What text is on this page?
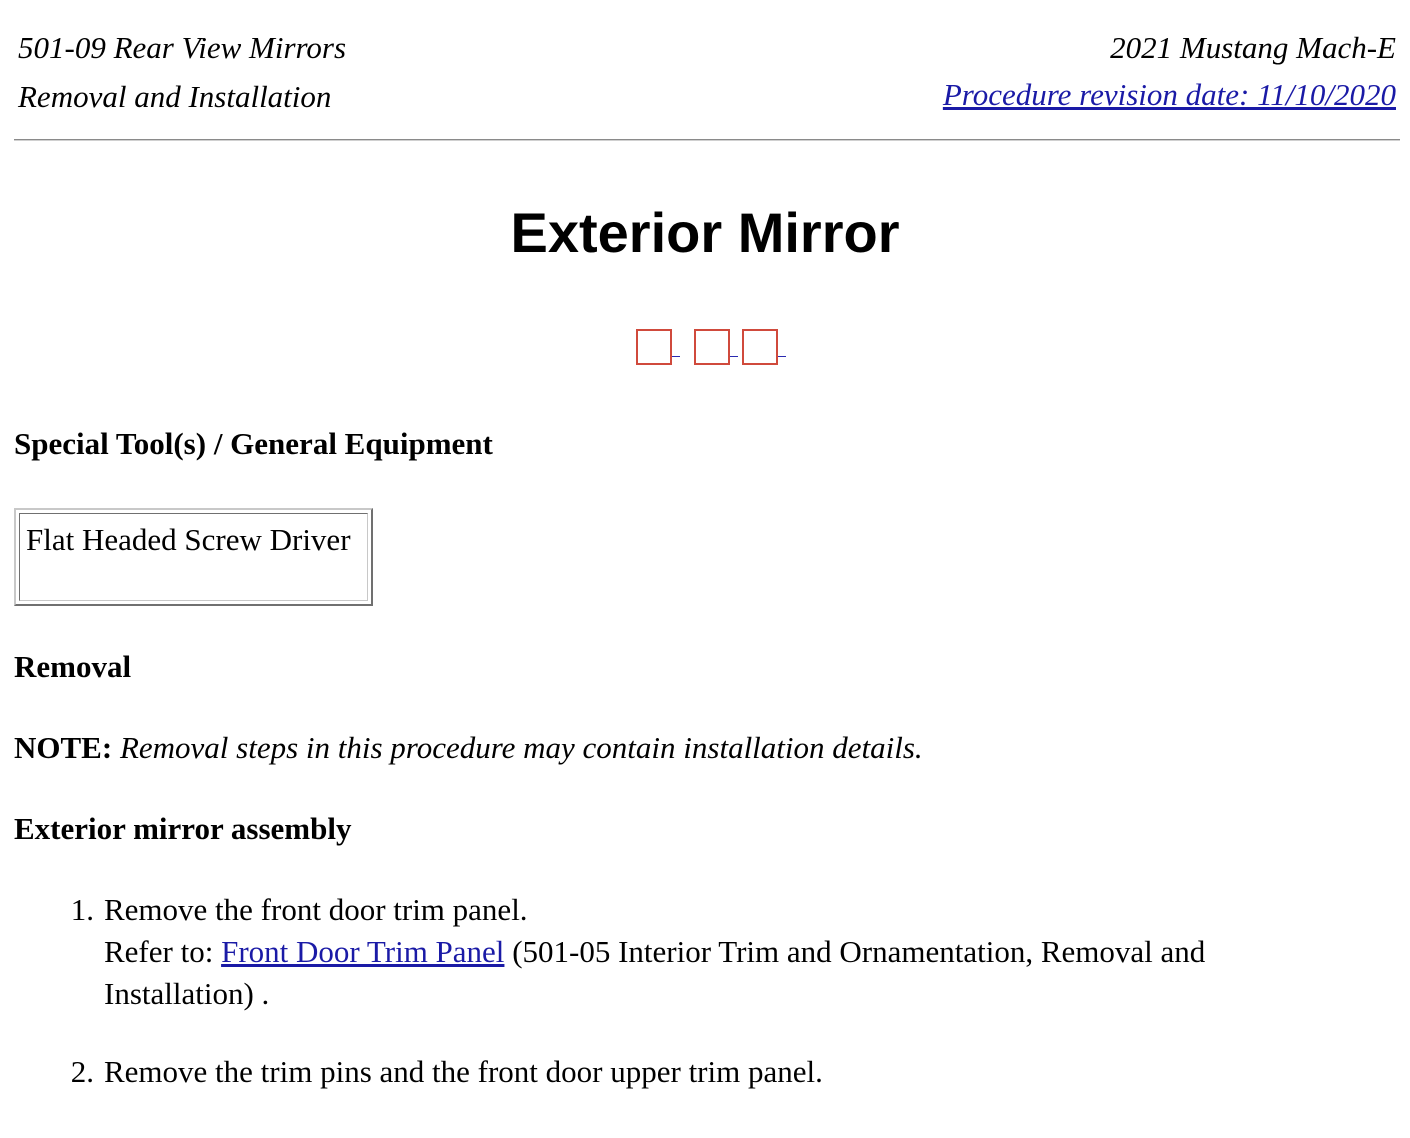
501-09 Rear View Mirrors
Removal and Installation
2021 Mustang Mach-E
Procedure revision date: 11/10/2020
Exterior Mirror
Special Tool(s) / General Equipment
Flat Headed Screw Driver
Removal
NOTE: Removal steps in this procedure may contain installation details.
Exterior mirror assembly
1. Remove the front door trim panel.
Refer to: Front Door Trim Panel (501-05 Interior Trim and Ornamentation, Removal and Installation) .
2. Remove the trim pins and the front door upper trim panel.
